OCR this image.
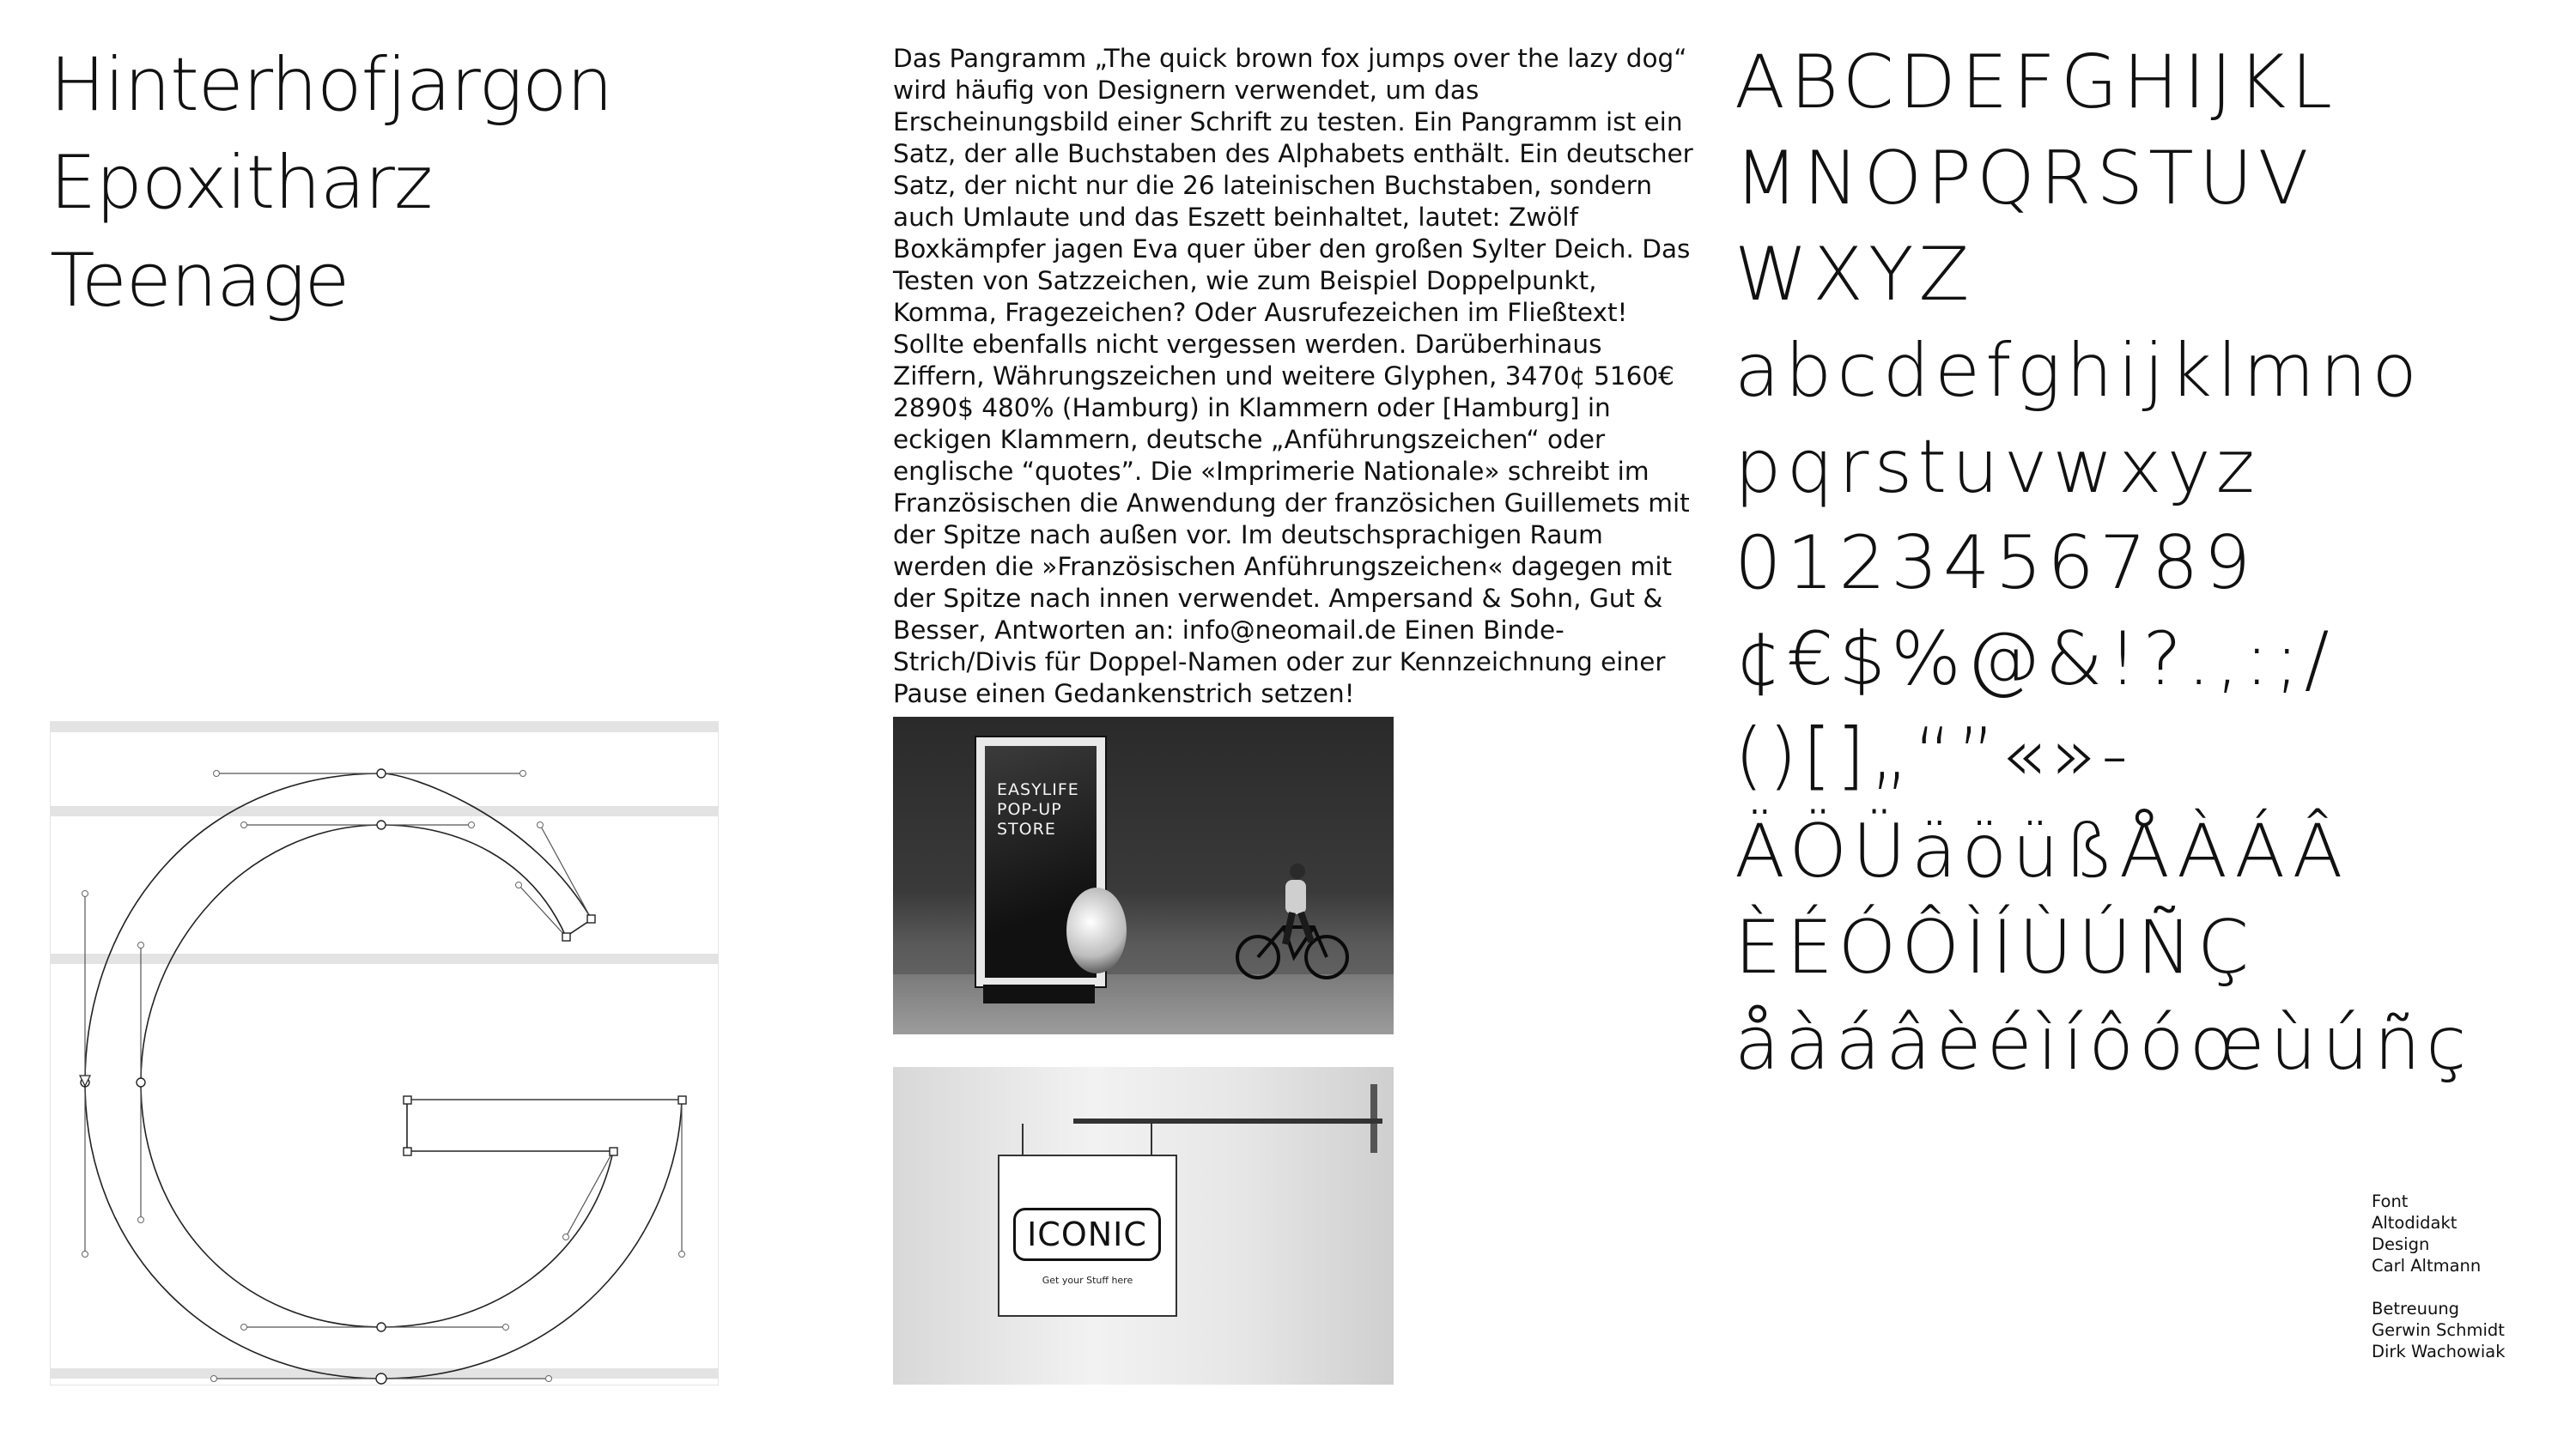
Hinterhofjargon
Epoxitharz
Teenage
Das Pangramm „The quick brown fox jumps over the lazy dog“ wird häufig von Designern verwendet, um das Erscheinungsbild einer Schrift zu testen. Ein Pangramm ist ein Satz, der alle Buchstaben des Alphabets enthält. Ein deutscher Satz, der nicht nur die 26 lateinischen Buchstaben, sondern auch Umlaute und das Eszett beinhaltet, lautet: Zwölf Boxkämpfer jagen Eva quer über den großen Sylter Deich. Das Testen von Satzzeichen, wie zum Beispiel Doppelpunkt, Komma, Fragezeichen? Oder Ausrufezeichen im Fließtext! Sollte ebenfalls nicht vergessen werden. Darüberhinaus Ziffern, Währungszeichen und weitere Glyphen, 3470¢ 5160€ 2890$ 480% (Hamburg) in Klammern oder [Hamburg] in eckigen Klammern, deutsche „Anführungszeichen“ oder englische “quotes”. Die «Imprimerie Nationale» schreibt im Französischen die Anwendung der französichen Guillemets mit der Spitze nach außen vor. Im deutschsprachigen Raum werden die »Französischen Anführungszeichen« dagegen mit der Spitze nach innen verwendet. Ampersand & Sohn, Gut & Besser, Antworten an: info@neomail.de Einen Binde-Strich/Divis für Doppel-Namen oder zur Kennzeichnung einer Pause einen Gedankenstrich setzen!
EASYLIFE
POP-UP STORE
ICONIC
Get your Stuff here
ABCDEFGHIJKL
MNOPQRSTUV
WXYZ
abcdefghijklmno
pqrstuvwxyz
0123456789
¢€$%@&!?.,:;/
()[]„“”«»-
ÄÖÜäöüßÅÀÁÂ
ÈÉÓÔÌÍÙÚÑÇ
åàáâèéìíôóœùúñç
Font
Altodidakt
Design
Carl Altmann
Betreuung
Gerwin Schmidt
Dirk Wachowiak
